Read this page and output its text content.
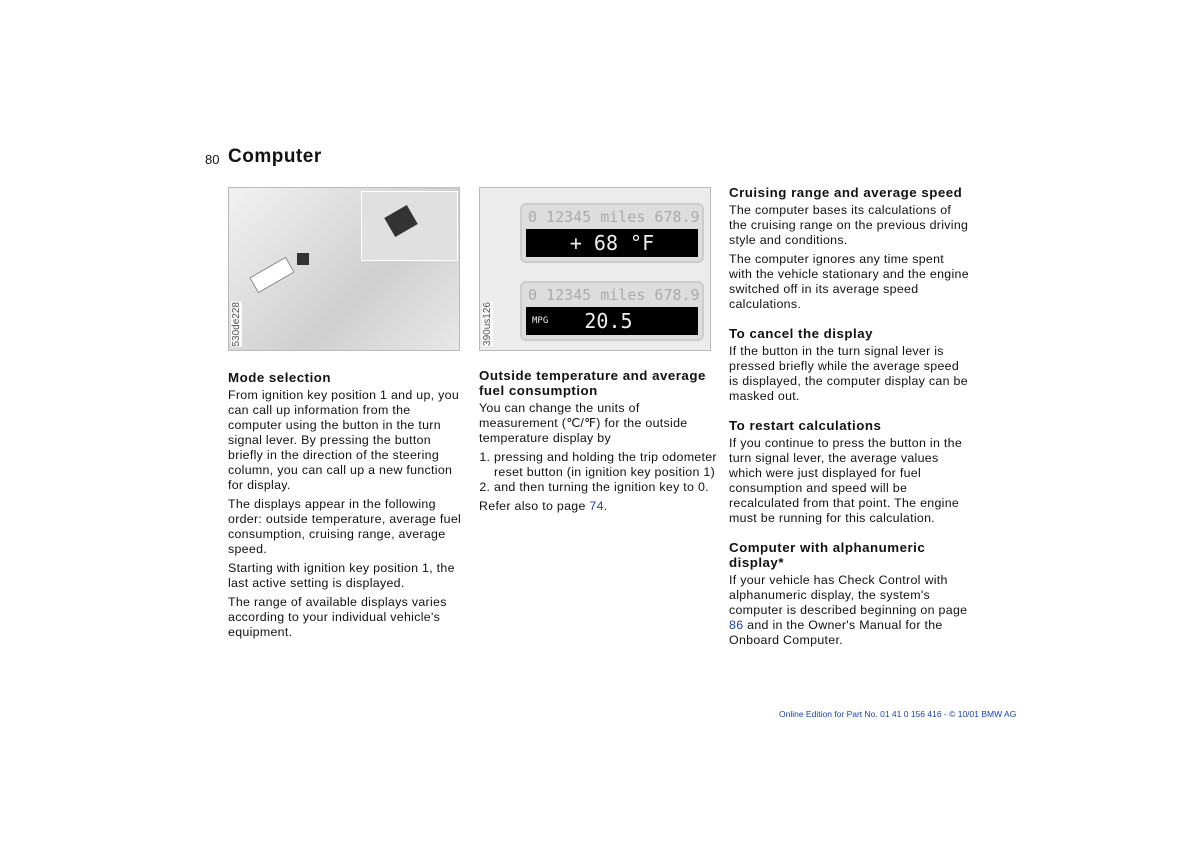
80 Computer
530de228
0 12345 miles 678.9
+ 68 °F
0 12345 miles 678.9
$^{MPG}$ 20.5
390us126
Mode selection

From ignition key position 1 and up, you can call up information from the computer using the button in the turn signal lever. By pressing the button briefly in the direction of the steering column, you can call up a new function for display.

The displays appear in the following order: outside temperature, average fuel consumption, cruising range, average speed.

Starting with ignition key position 1, the last active setting is displayed.

The range of available displays varies according to your individual vehicle's equipment.

Outside temperature and average fuel consumption

You can change the units of measurement (℃/℉) for the outside temperature display by

1. pressing and holding the trip odometer reset button (in ignition key position 1)
2. and then turning the ignition key to 0.

Refer also to page 74.

Cruising range and average speed

The computer bases its calculations of the cruising range on the previous driving style and conditions.

The computer ignores any time spent with the vehicle stationary and the engine switched off in its average speed calculations.

To cancel the display

If the button in the turn signal lever is pressed briefly while the average speed is displayed, the computer display can be masked out.

To restart calculations

If you continue to press the button in the turn signal lever, the average values which were just displayed for fuel consumption and speed will be recalculated from that point. The engine must be running for this calculation.

Computer with alphanumeric display*

If your vehicle has Check Control with alphanumeric display, the system's computer is described beginning on page 86 and in the Owner's Manual for the Onboard Computer.

Online Edition for Part No. 01 41 0 156 416 - © 10/01 BMW AG
